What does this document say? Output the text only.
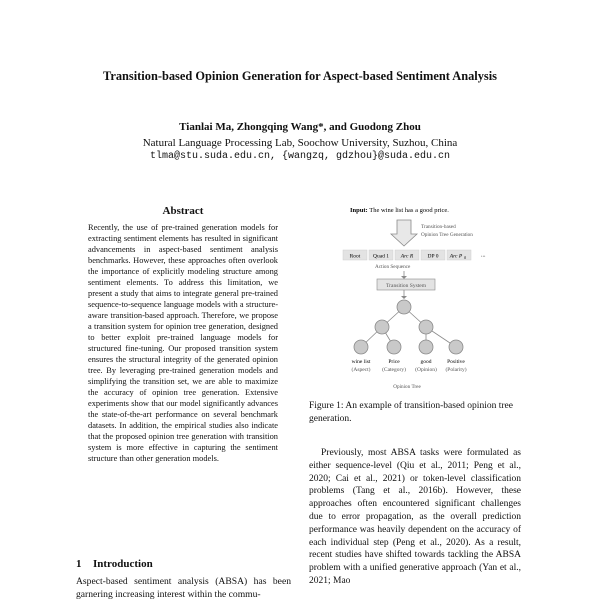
Transition-based Opinion Generation for Aspect-based Sentiment Analysis
Tianlai Ma, Zhongqing Wang*, and Guodong Zhou
Natural Language Processing Lab, Soochow University, Suzhou, China
tlma@stu.suda.edu.cn, {wangzq, gdzhou}@suda.edu.cn
Abstract
Recently, the use of pre-trained generation models for extracting sentiment elements has resulted in significant advancements in aspect-based sentiment analysis benchmarks. However, these approaches often overlook the importance of explicitly modeling structure among sentiment elements. To address this limitation, we present a study that aims to integrate general pre-trained sequence-to-sequence language models with a structure-aware transition-based approach. Therefore, we propose a transition system for opinion tree generation, designed to better exploit pre-trained language models for structured fine-tuning. Our proposed transition system ensures the structural integrity of the generated opinion tree. By leveraging pre-trained generation models and simplifying the transition set, we are able to maximize the accuracy of opinion tree generation. Extensive experiments show that our model significantly advances the state-of-the-art performance on several benchmark datasets. In addition, the empirical studies also indicate that the proposed opinion tree generation with transition system is more effective in capturing the sentiment structure than other generation models.
1 Introduction
Aspect-based sentiment analysis (ABSA) has been garnering increasing interest within the commu-
Input: The wine list has a good price.
Transition-based
Opinion Tree Generation
Root Quad 1 Arc R	DP 0 Arc P 0	...
Action Sequence
Transition System
wine list
(Aspect)
Price
(Category)
good
(Opinion)
Positive
(Polarity)
Opinion Tree
Figure 1: An example of transition-based opinion tree generation.

Previously, most ABSA tasks were formulated as either sequence-level (Qiu et al., 2011; Peng et al., 2020; Cai et al., 2021) or token-level classification problems (Tang et al., 2016b). However, these approaches often encountered significant challenges due to error propagation, as the overall prediction performance was heavily dependent on the accuracy of each individual step (Peng et al., 2020). As a result, recent studies have shifted towards tackling the ABSA problem with a unified generative approach (Yan et al., 2021; Mao
